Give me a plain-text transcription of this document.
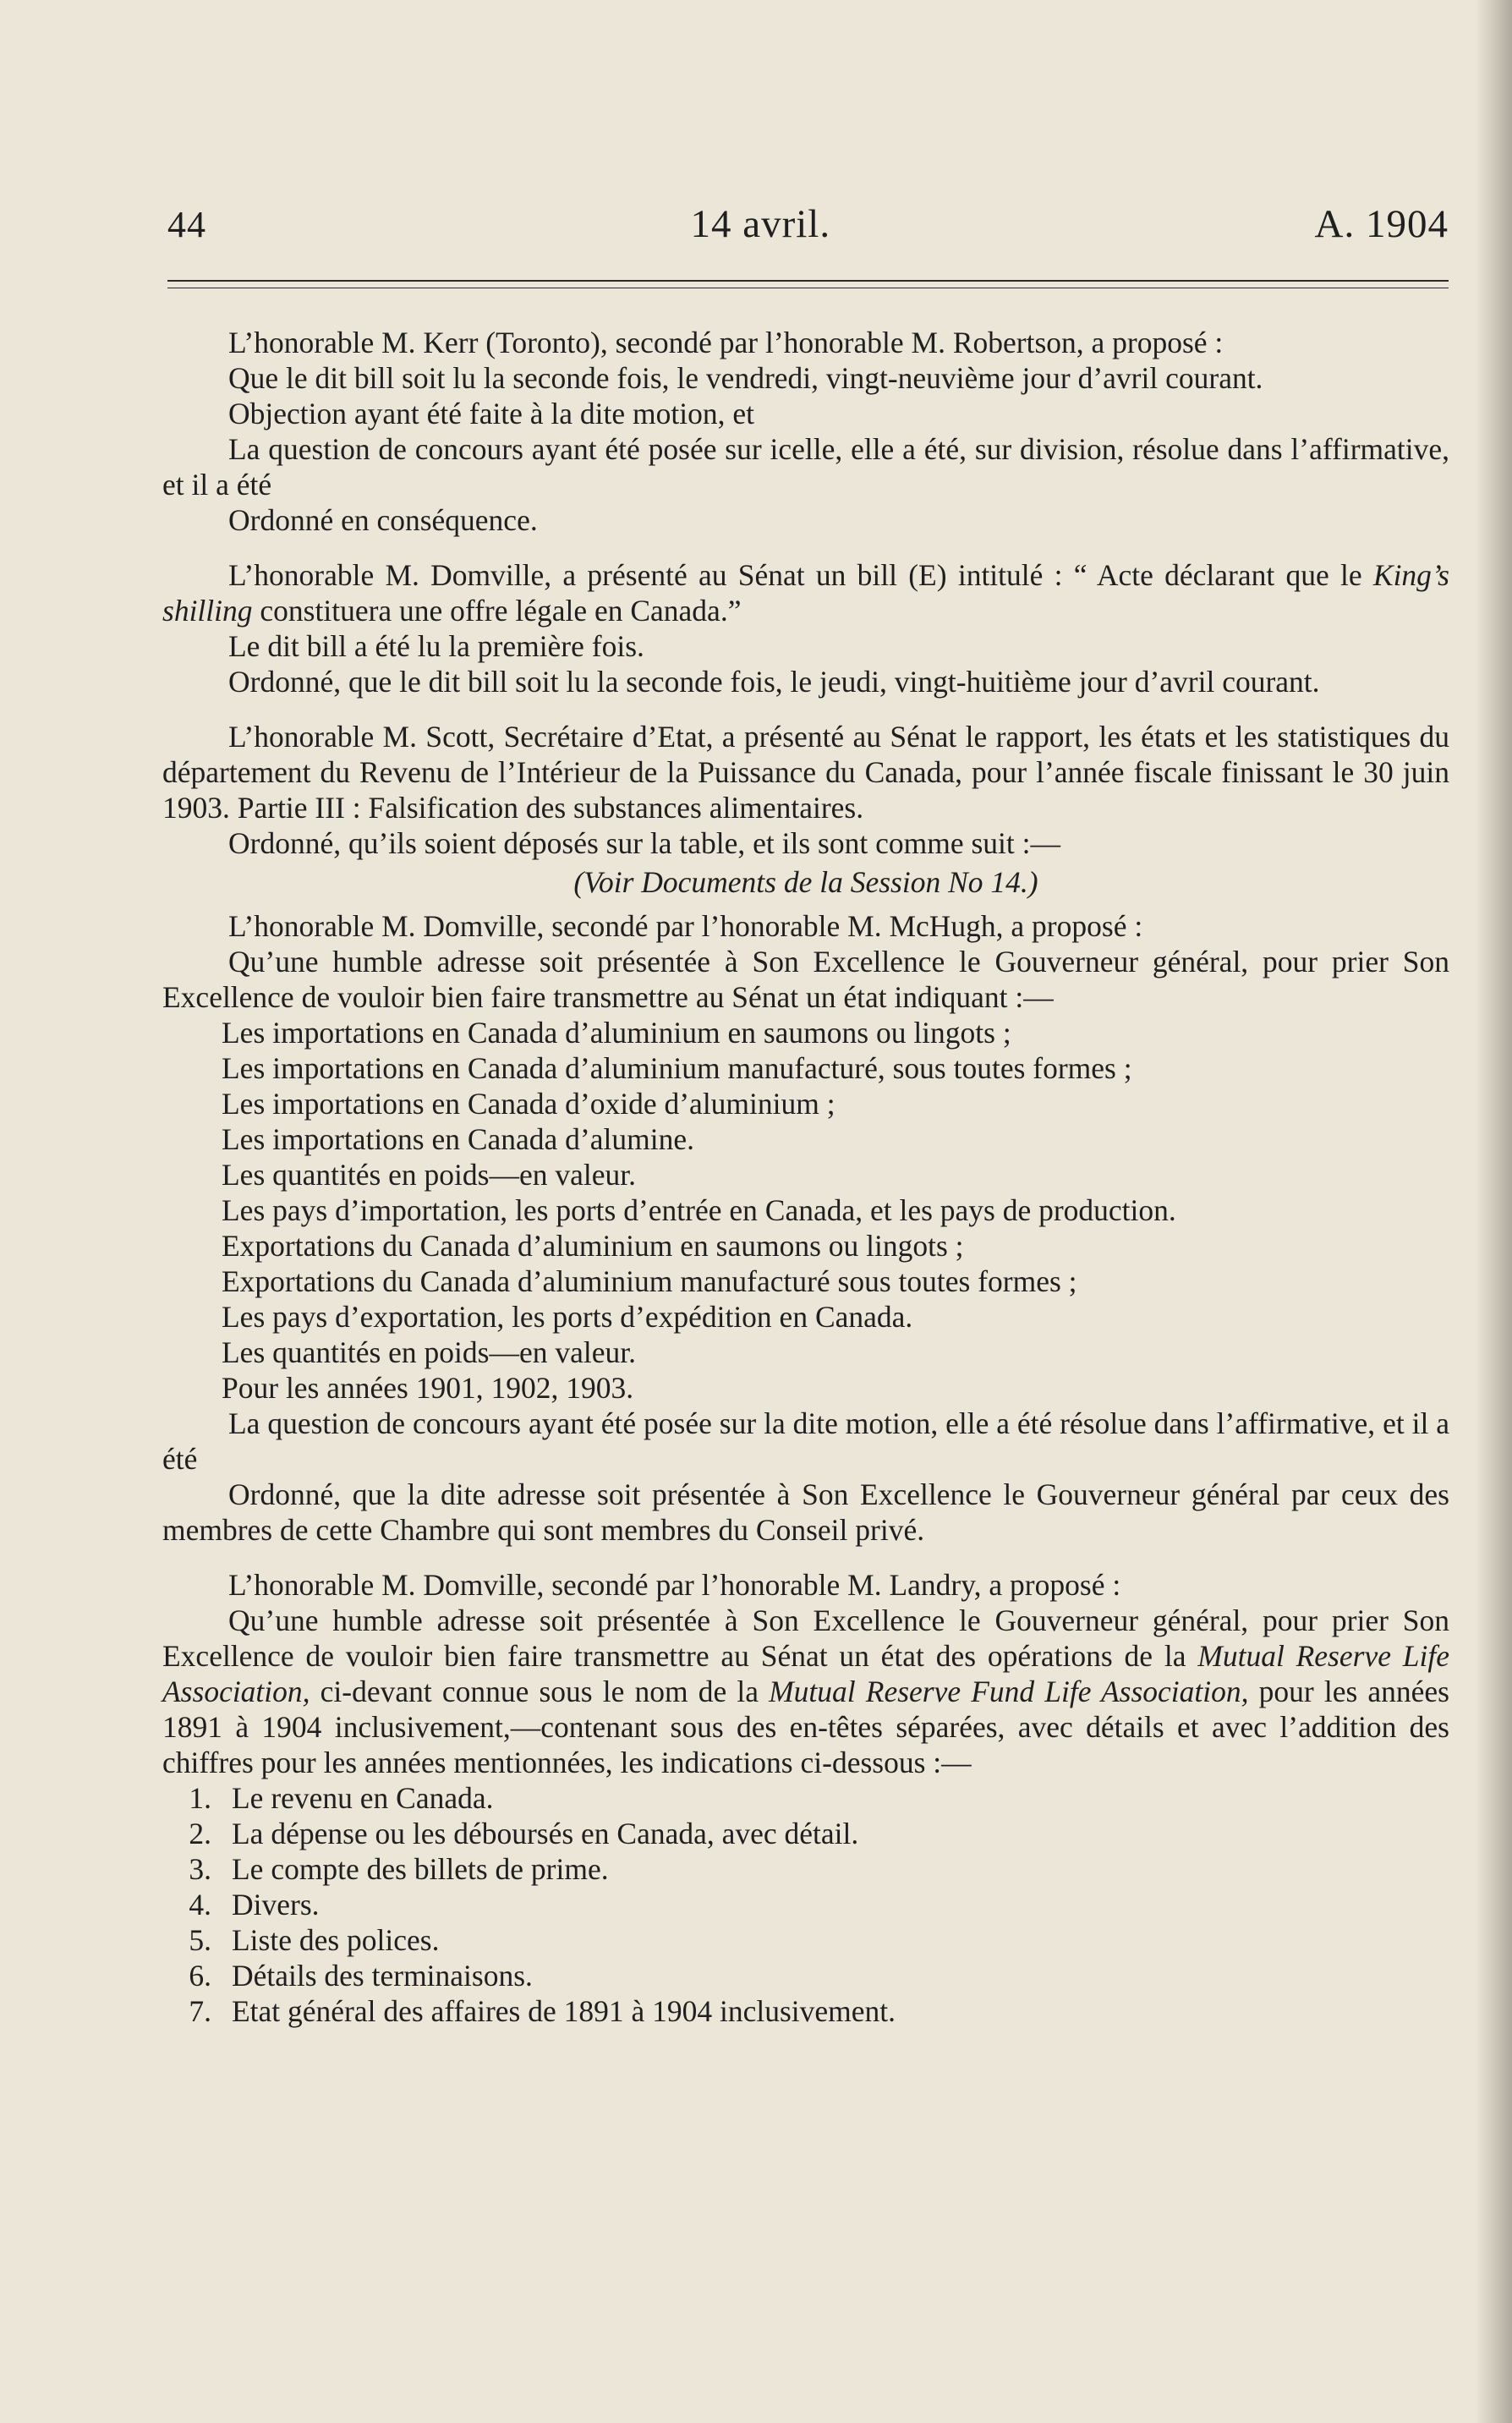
44	14 avril.	A. 1904

L’honorable M. Kerr (Toronto), secondé par l’honorable M. Robertson, a proposé :

Que le dit bill soit lu la seconde fois, le vendredi, vingt-neuvième jour d’avril courant.

Objection ayant été faite à la dite motion, et

La question de concours ayant été posée sur icelle, elle a été, sur division, résolue dans l’affirmative, et il a été

Ordonné en conséquence.

L’honorable M. Domville, a présenté au Sénat un bill (E) intitulé : “ Acte déclarant que le King’s shilling constituera une offre légale en Canada.”

Le dit bill a été lu la première fois.

Ordonné, que le dit bill soit lu la seconde fois, le jeudi, vingt-huitième jour d’avril courant.

L’honorable M. Scott, Secrétaire d’Etat, a présenté au Sénat le rapport, les états et les statistiques du département du Revenu de l’Intérieur de la Puissance du Canada, pour l’année fiscale finissant le 30 juin 1903. Partie III : Falsification des substances alimentaires.

Ordonné, qu’ils soient déposés sur la table, et ils sont comme suit :—

(Voir Documents de la Session No 14.)

L’honorable M. Domville, secondé par l’honorable M. McHugh, a proposé :

Qu’une humble adresse soit présentée à Son Excellence le Gouverneur général, pour prier Son Excellence de vouloir bien faire transmettre au Sénat un état indiquant :—

Les importations en Canada d’aluminium en saumons ou lingots ;
Les importations en Canada d’aluminium manufacturé, sous toutes formes ;
Les importations en Canada d’oxide d’aluminium ;
Les importations en Canada d’alumine.
Les quantités en poids—en valeur.
Les pays d’importation, les ports d’entrée en Canada, et les pays de production.
Exportations du Canada d’aluminium en saumons ou lingots ;
Exportations du Canada d’aluminium manufacturé sous toutes formes ;
Les pays d’exportation, les ports d’expédition en Canada.
Les quantités en poids—en valeur.
Pour les années 1901, 1902, 1903.

La question de concours ayant été posée sur la dite motion, elle a été résolue dans l’affirmative, et il a été

Ordonné, que la dite adresse soit présentée à Son Excellence le Gouverneur général par ceux des membres de cette Chambre qui sont membres du Conseil privé.

L’honorable M. Domville, secondé par l’honorable M. Landry, a proposé :

Qu’une humble adresse soit présentée à Son Excellence le Gouverneur général, pour prier Son Excellence de vouloir bien faire transmettre au Sénat un état des opérations de la Mutual Reserve Life Association, ci-devant connue sous le nom de la Mutual Reserve Fund Life Association, pour les années 1891 à 1904 inclusivement,—contenant sous des en-têtes séparées, avec détails et avec l’addition des chiffres pour les années mentionnées, les indications ci-dessous :—

1. Le revenu en Canada.
2. La dépense ou les déboursés en Canada, avec détail.
3. Le compte des billets de prime.
4. Divers.
5. Liste des polices.
6. Détails des terminaisons.
7. Etat général des affaires de 1891 à 1904 inclusivement.
